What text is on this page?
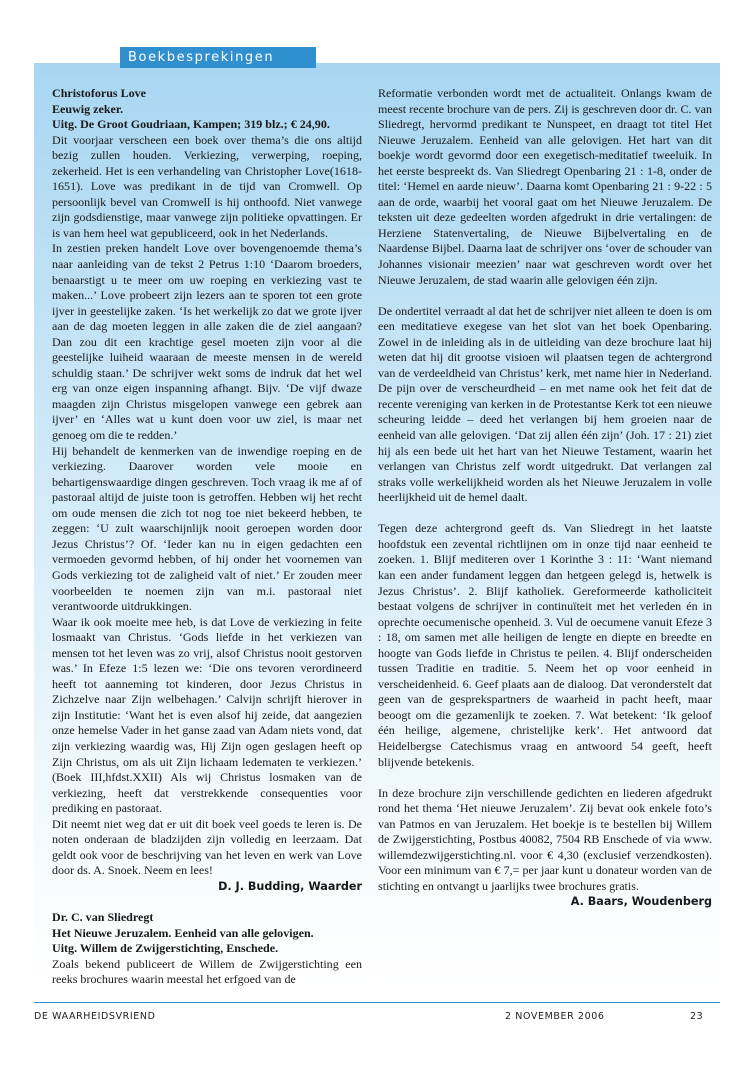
Boekbesprekingen

Christoforus Love

Eeuwig zeker.

Uitg. De Groot Goudriaan, Kampen; 319 blz.; € 24,90.

Dit voorjaar verscheen een boek over thema’s die ons altijd bezig zullen houden. Verkiezing, verwerping, roeping, zekerheid. Het is een verhandeling van Christopher Love(1618-1651). Love was predikant in de tijd van Cromwell. Op persoonlijk bevel van Cromwell is hij onthoofd. Niet vanwege zijn godsdienstige, maar vanwege zijn politieke opvattingen. Er is van hem heel wat gepubliceerd, ook in het Nederlands.

In zestien preken handelt Love over bovengenoemde thema’s naar aanleiding van de tekst 2 Petrus 1:10 ‘Daarom broeders, benaarstigt u te meer om uw roeping en verkiezing vast te maken...’ Love probeert zijn lezers aan te sporen tot een grote ijver in geestelijke zaken. ‘Is het werkelijk zo dat we grote ijver aan de dag moeten leggen in alle zaken die de ziel aangaan? Dan zou dit een krachtige gesel moeten zijn voor al die geestelijke luiheid waaraan de meeste mensen in de wereld schuldig staan.’ De schrijver wekt soms de indruk dat het wel erg van onze eigen inspanning afhangt. Bijv. ‘De vijf dwaze maagden zijn Christus misgelopen vanwege een gebrek aan ijver’ en ‘Alles wat u kunt doen voor uw ziel, is maar net genoeg om die te redden.’

Hij behandelt de kenmerken van de inwendige roeping en de verkiezing. Daarover worden vele mooie en behartigenswaardige dingen geschreven. Toch vraag ik me af of pastoraal altijd de juiste toon is getroffen. Hebben wij het recht om oude mensen die zich tot nog toe niet bekeerd hebben, te zeggen: ‘U zult waarschijnlijk nooit geroepen worden door Jezus Christus’? Of. ‘Ieder kan nu in eigen gedachten een vermoeden gevormd hebben, of hij onder het voornemen van Gods verkiezing tot de zaligheid valt of niet.’ Er zouden meer voorbeelden te noemen zijn van m.i. pastoraal niet verantwoorde uitdrukkingen.

Waar ik ook moeite mee heb, is dat Love de verkiezing in feite losmaakt van Christus. ‘Gods liefde in het verkiezen van mensen tot het leven was zo vrij, alsof Christus nooit gestorven was.’ In Efeze 1:5 lezen we: ‘Die ons tevoren verordineerd heeft tot aanneming tot kinderen, door Jezus Christus in Zichzelve naar Zijn welbehagen.’ Calvijn schrijft hierover in zijn Institutie: ‘Want het is even alsof hij zeide, dat aangezien onze hemelse Vader in het ganse zaad van Adam niets vond, dat zijn verkiezing waardig was, Hij Zijn ogen geslagen heeft op Zijn Christus, om als uit Zijn lichaam ledematen te verkiezen.’ (Boek III,hfdst.XXII) Als wij Christus losmaken van de verkiezing, heeft dat verstrekkende consequenties voor prediking en pastoraat.

Dit neemt niet weg dat er uit dit boek veel goeds te leren is. De noten onderaan de bladzijden zijn volledig en leerzaam. Dat geldt ook voor de beschrijving van het leven en werk van Love door ds. A. Snoek. Neem en lees!

D. J. Budding, Waarder

Dr. C. van Sliedregt

Het Nieuwe Jeruzalem. Eenheid van alle gelovigen.

Uitg. Willem de Zwijgerstichting, Enschede.

Zoals bekend publiceert de Willem de Zwijgerstichting een reeks brochures waarin meestal het erfgoed van de

Reformatie verbonden wordt met de actualiteit. Onlangs kwam de meest recente brochure van de pers. Zij is geschreven door dr. C. van Sliedregt, hervormd predikant te Nunspeet, en draagt tot titel Het Nieuwe Jeruzalem. Eenheid van alle gelovigen. Het hart van dit boekje wordt gevormd door een exegetisch-meditatief tweeluik. In het eerste bespreekt ds. Van Sliedregt Openbaring 21 : 1-8, onder de titel: ‘Hemel en aarde nieuw’. Daarna komt Openbaring 21 : 9-22 : 5 aan de orde, waarbij het vooral gaat om het Nieuwe Jeruzalem. De teksten uit deze gedeelten worden afgedrukt in drie vertalingen: de Herziene Statenvertaling, de Nieuwe Bijbelvertaling en de Naardense Bijbel. Daarna laat de schrijver ons ‘over de schouder van Johannes visionair meezien’ naar wat geschreven wordt over het Nieuwe Jeruzalem, de stad waarin alle gelovigen één zijn.

De ondertitel verraadt al dat het de schrijver niet alleen te doen is om een meditatieve exegese van het slot van het boek Openbaring. Zowel in de inleiding als in de uitleiding van deze brochure laat hij weten dat hij dit grootse visioen wil plaatsen tegen de achtergrond van de verdeeldheid van Christus’ kerk, met name hier in Nederland. De pijn over de verscheurdheid – en met name ook het feit dat de recente vereniging van kerken in de Protestantse Kerk tot een nieuwe scheuring leidde – deed het verlangen bij hem groeien naar de eenheid van alle gelovigen. ‘Dat zij allen één zijn’ (Joh. 17 : 21) ziet hij als een bede uit het hart van het Nieuwe Testament, waarin het verlangen van Christus zelf wordt uitgedrukt. Dat verlangen zal straks volle werkelijkheid worden als het Nieuwe Jeruzalem in volle heerlijkheid uit de hemel daalt.

Tegen deze achtergrond geeft ds. Van Sliedregt in het laatste hoofdstuk een zevental richtlijnen om in onze tijd naar eenheid te zoeken. 1. Blijf mediteren over 1 Korinthe 3 : 11: ‘Want niemand kan een ander fundament leggen dan hetgeen gelegd is, hetwelk is Jezus Christus’. 2. Blijf katholiek. Gereformeerde katholiciteit bestaat volgens de schrijver in continuïteit met het verleden én in oprechte oecumenische openheid. 3. Vul de oecumene vanuit Efeze 3 : 18, om samen met alle heiligen de lengte en diepte en breedte en hoogte van Gods liefde in Christus te peilen. 4. Blijf onderscheiden tussen Traditie en traditie. 5. Neem het op voor eenheid in verscheidenheid. 6. Geef plaats aan de dialoog. Dat veronderstelt dat geen van de gesprekspartners de waarheid in pacht heeft, maar beoogt om die gezamenlijk te zoeken. 7. Wat betekent: ‘Ik geloof één heilige, algemene, christelijke kerk’. Het antwoord dat Heidelbergse Catechismus vraag en antwoord 54 geeft, heeft blijvende betekenis.

In deze brochure zijn verschillende gedichten en liederen afgedrukt rond het thema ‘Het nieuwe Jeruzalem’. Zij bevat ook enkele foto’s van Patmos en van Jeruzalem. Het boekje is te bestellen bij Willem de Zwijgerstichting, Postbus 40082, 7504 RB Enschede of via www. willemdezwijgerstichting.nl. voor € 4,30 (exclusief verzendkosten). Voor een minimum van € 7,= per jaar kunt u donateur worden van de stichting en ontvangt u jaarlijks twee brochures gratis.

A. Baars, Woudenberg

DE WAARHEIDSVRIEND	2 NOVEMBER 2006	23
